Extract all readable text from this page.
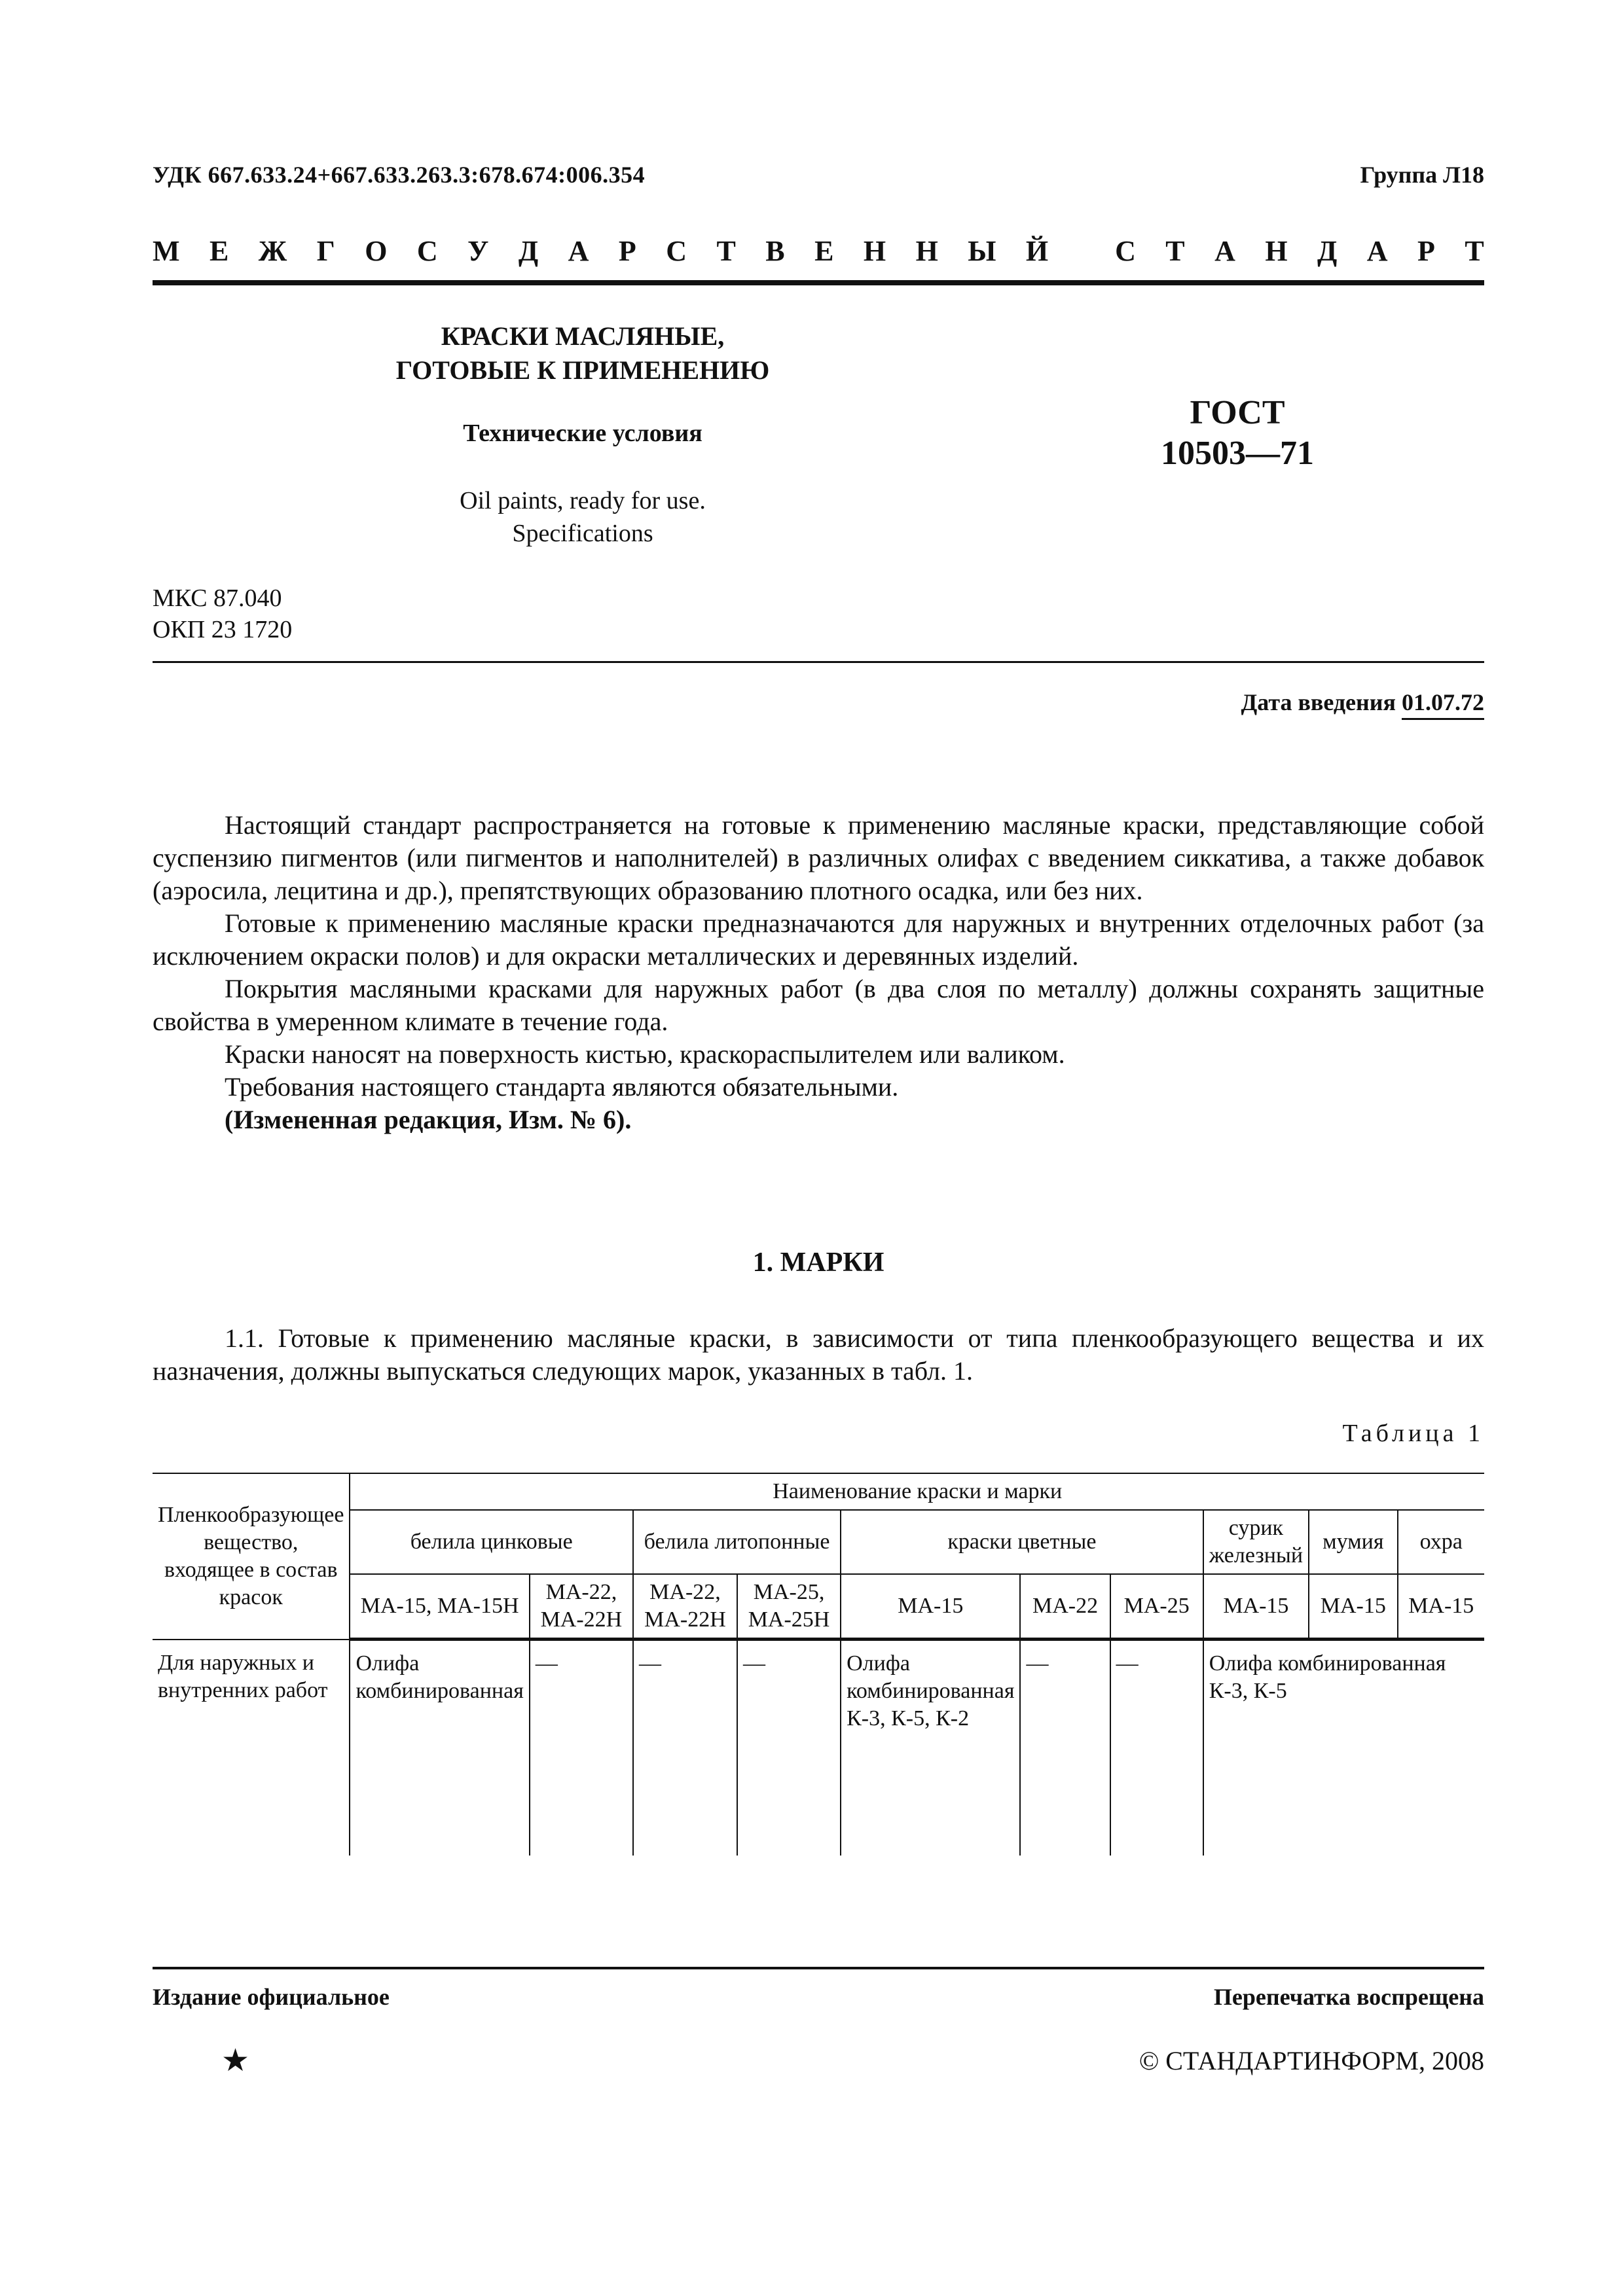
УДК 667.633.24+667.633.263.3:678.674:006.354	Группа Л18
М Е Ж Г О С У Д А Р С Т В Е Н Н Ы Й
С Т А Н Д А Р Т
КРАСКИ МАСЛЯНЫЕ,
ГОТОВЫЕ К ПРИМЕНЕНИЮ
Технические условия
Oil paints, ready for use.
Specifications
ГОСТ
10503—71
МКС 87.040
ОКП 23 1720
Дата введения 01.07.72

Настоящий стандарт распространяется на готовые к применению масляные краски, представляющие собой суспензию пигментов (или пигментов и наполнителей) в различных олифах с введением сиккатива, а также добавок (аэросила, лецитина и др.), препятствующих образованию плотного осадка, или без них.

Готовые к применению масляные краски предназначаются для наружных и внутренних отделочных работ (за исключением окраски полов) и для окраски металлических и деревянных изделий.

Покрытия масляными красками для наружных работ (в два слоя по металлу) должны сохранять защитные свойства в умеренном климате в течение года.

Краски наносят на поверхность кистью, краскораспылителем или валиком.

Требования настоящего стандарта являются обязательными.

(Измененная редакция, Изм. № 6).

1. МАРКИ

1.1. Готовые к применению масляные краски, в зависимости от типа пленкообразующего вещества и их назначения, должны выпускаться следующих марок, указанных в табл. 1.

Таблица 1
Пленкообразующее вещество, входящее в состав красок	Наименование краски и марки									
	белила цинковые		белила литопонные		краски цветные			сурик железный	мумия	охра
	МА-15, МА-15Н	МА-22, МА-22Н	МА-22, МА-22Н	МА-25, МА-25Н	МА-15	МА-22	МА-25	МА-15	МА-15	МА-15
Для наружных и внутренних работ	Олифа комбинированная	—	—	—	Олифа комбинированная К-3, К-5, К-2	—	—	Олифа комбинированная К-3, К-5		
Издание официальное	Перепечатка воспрещена
★	© СТАНДАРТИНФОРМ, 2008
